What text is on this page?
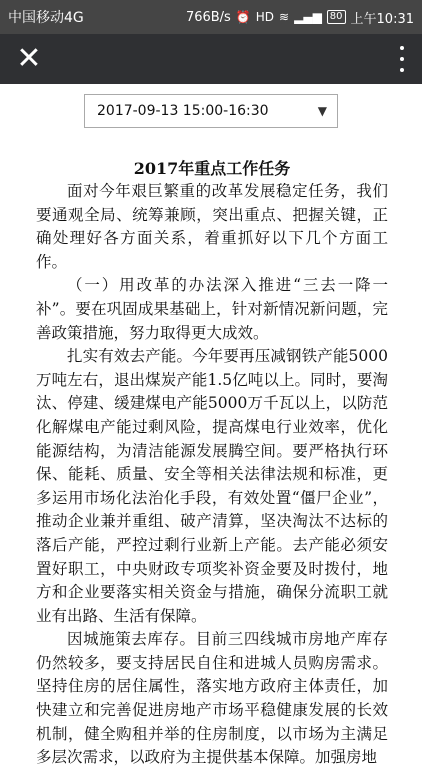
中国移动4G	766B/s ⏰ HD ≋ ▂▄▆ 80 上午10:31
✕
2017-09-13 15:00-16:30	▼
2017年重点工作任务

面对今年艰巨繁重的改革发展稳定任务，我们要通观全局、统筹兼顾，突出重点、把握关键，正确处理好各方面关系，着重抓好以下几个方面工作。

（一）用改革的办法深入推进“三去一降一补”。要在巩固成果基础上，针对新情况新问题，完善政策措施，努力取得更大成效。

扎实有效去产能。今年要再压减钢铁产能5000万吨左右，退出煤炭产能1.5亿吨以上。同时，要淘汰、停建、缓建煤电产能5000万千瓦以上，以防范化解煤电产能过剩风险，提高煤电行业效率，优化能源结构，为清洁能源发展腾空间。要严格执行环保、能耗、质量、安全等相关法律法规和标准，更多运用市场化法治化手段，有效处置“僵尸企业”，推动企业兼并重组、破产清算，坚决淘汰不达标的落后产能，严控过剩行业新上产能。去产能必须安置好职工，中央财政专项奖补资金要及时拨付，地方和企业要落实相关资金与措施，确保分流职工就业有出路、生活有保障。

因城施策去库存。目前三四线城市房地产库存仍然较多，要支持居民自住和进城人员购房需求。坚持住房的居住属性，落实地方政府主体责任，加快建立和完善促进房地产市场平稳健康发展的长效机制，健全购租并举的住房制度，以市场为主满足多层次需求，以政府为主提供基本保障。加强房地
